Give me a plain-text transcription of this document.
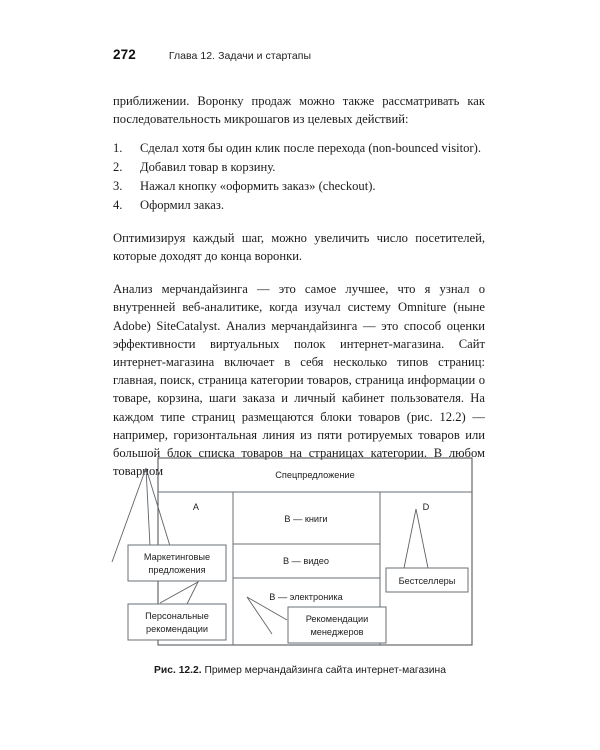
272	Глава 12. Задачи и стартапы

приближении. Воронку продаж можно также рассматривать как последовательность микрошагов из целевых действий:

1.	Сделал хотя бы один клик после перехода (non-bounced visitor).
2.	Добавил товар в корзину.
3.	Нажал кнопку «оформить заказ» (checkout).
4.	Оформил заказ.

Оптимизируя каждый шаг, можно увеличить число посетителей, которые доходят до конца воронки.

Анализ мерчандайзинга — это самое лучшее, что я узнал о внутренней веб-аналитике, когда изучал систему Omniture (ныне Adobe) SiteCatalyst. Анализ мерчандайзинга — это способ оценки эффективности виртуальных полок интернет-магазина. Сайт интернет-магазина включает в себя несколько типов страниц: главная, поиск, страница категории товаров, страница информации о товаре, корзина, шаги заказа и личный кабинет пользователя. На каждом типе страниц размещаются блоки товаров (рис. 12.2) — например, горизонтальная линия из пяти ротируемых товаров или большой блок списка товаров на страницах категории. В любом товарном	Спецпредложение
A	D
B — книги
B — видео
B — электроника
Маркетинговые
предложения
Персональные
рекомендации
Рекомендации
менеджеров
Бестселлеры
Рис. 12.2. Пример мерчандайзинга сайта интернет-магазина
